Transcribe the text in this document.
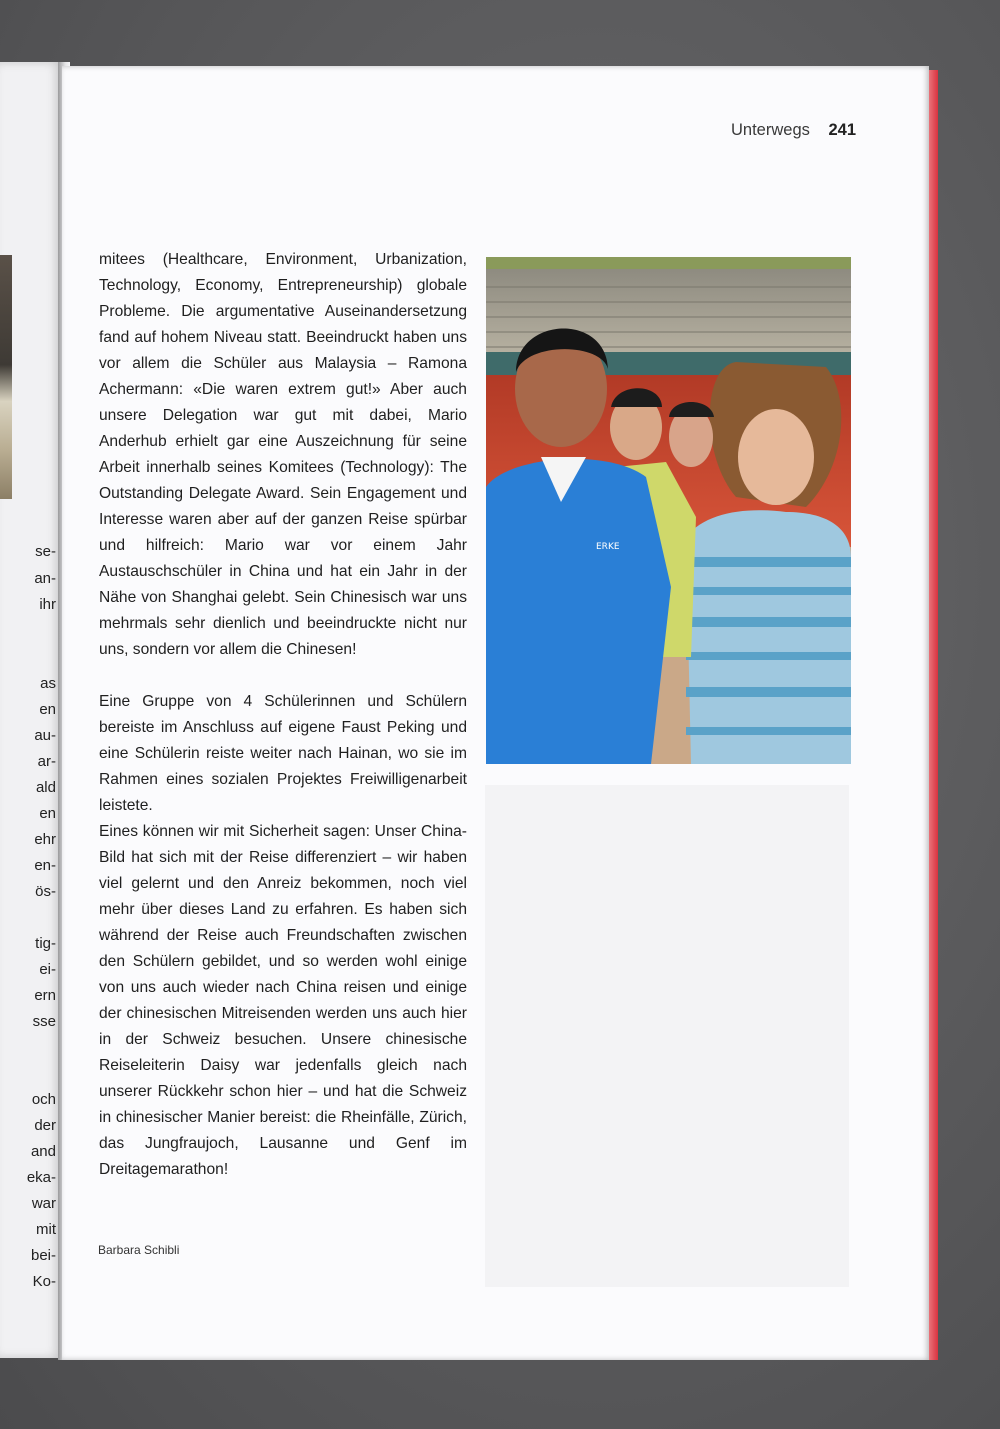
se-
an-
ihr
as
en
au-
ar-
ald
en
ehr
en-
ös-
tig-
ei-
ern
sse
och
der
and
eka-
war
mit
bei-
Ko-
Unterwegs 241

mitees (Healthcare, Environment, Urbanization, Technology, Economy, Entrepreneurship) globale Probleme. Die argumentative Auseinandersetzung fand auf hohem Niveau statt. Beeindruckt haben uns vor allem die Schüler aus Malaysia – Ramona Achermann: «Die waren extrem gut!» Aber auch unsere Delegation war gut mit dabei, Mario Anderhub erhielt gar eine Auszeichnung für seine Arbeit innerhalb seines Komitees (Technology): The Outstanding Delegate Award. Sein Engagement und Interesse waren aber auf der ganzen Reise spürbar und hilfreich: Mario war vor einem Jahr Austauschschüler in China und hat ein Jahr in der Nähe von Shanghai gelebt. Sein Chinesisch war uns mehrmals sehr dienlich und beeindruckte nicht nur uns, sondern vor allem die Chinesen!

Eine Gruppe von 4 Schülerinnen und Schülern bereiste im Anschluss auf eigene Faust Peking und eine Schülerin reiste weiter nach Hainan, wo sie im Rahmen eines sozialen Projektes Freiwilligenarbeit leistete.

Eines können wir mit Sicherheit sagen: Unser China-Bild hat sich mit der Reise differenziert – wir haben viel gelernt und den Anreiz bekommen, noch viel mehr über dieses Land zu erfahren. Es haben sich während der Reise auch Freundschaften zwischen den Schülern gebildet, und so werden wohl einige von uns auch wieder nach China reisen und einige der chinesischen Mitreisenden werden uns auch hier in der Schweiz besuchen. Unsere chinesische Reiseleiterin Daisy war jedenfalls gleich nach unserer Rückkehr schon hier – und hat die Schweiz in chinesischer Manier bereist: die Rheinfälle, Zürich, das Jungfraujoch, Lausanne und Genf im Dreitagemarathon!

Barbara Schibli
ERKE
